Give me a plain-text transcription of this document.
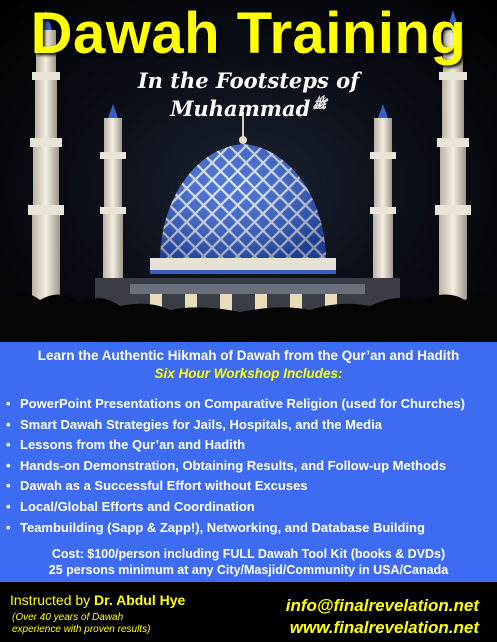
Dawah Training
In the Footsteps of
Muhammad $^ﷺ$
Learn the Authentic Hikmah of Dawah from the Qur’an and Hadith
Six Hour Workshop Includes:
• PowerPoint Presentations on Comparative Religion (used for Churches)
• Smart Dawah Strategies for Jails, Hospitals, and the Media
• Lessons from the Qur’an and Hadith
• Hands-on Demonstration, Obtaining Results, and Follow-up Methods
• Dawah as a Successful Effort without Excuses
• Local/Global Efforts and Coordination
• Teambuilding (Sapp & Zapp!), Networking, and Database Building
Cost: $100/person including FULL Dawah Tool Kit (books & DVDs)
25 persons minimum at any City/Masjid/Community in USA/Canada
Instructed by Dr. Abdul Hye
(Over 40 years of Dawah experience with proven results)
info@finalrevelation.net
www.finalrevelation.net
